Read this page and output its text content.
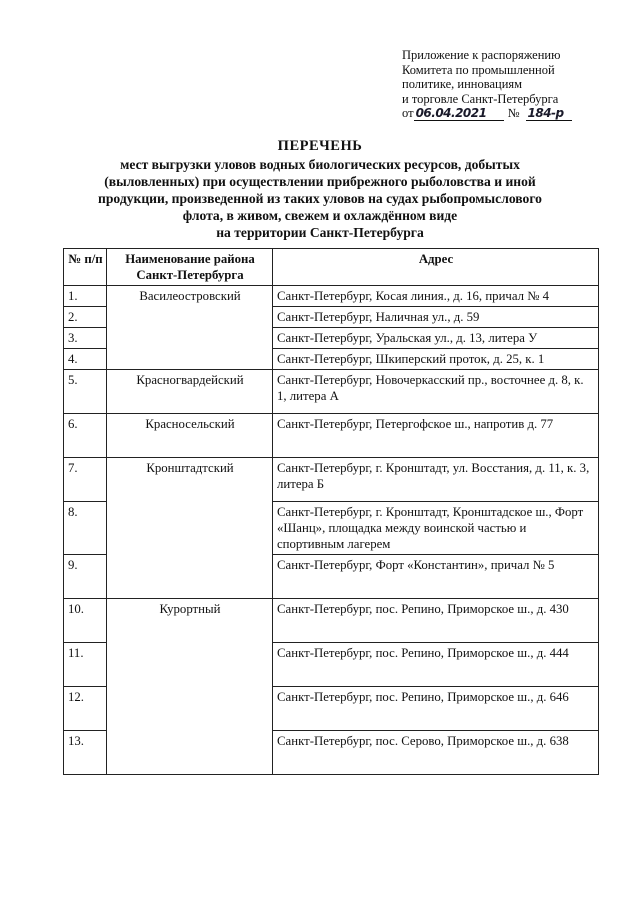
Приложение к распоряжению
Комитета по промышленной
политике, инновациям
и торговле Санкт-Петербурга
от 06.04.2021	№ 184-р
ПЕРЕЧЕНЬ
мест выгрузки уловов водных биологических ресурсов, добытых
(выловленных) при осуществлении прибрежного рыболовства и иной
продукции, произведенной из таких уловов на судах рыбопромыслового
флота, в живом, свежем и охлаждённом виде
на территории Санкт-Петербурга
№ п/п	Наименование района Санкт-Петербурга	Адрес
1.	Василеостровский	Санкт-Петербург, Косая линия., д. 16, причал № 4
2.		Санкт-Петербург, Наличная ул., д. 59
3.		Санкт-Петербург, Уральская ул., д. 13, литера У
4.		Санкт-Петербург, Шкиперский проток, д. 25, к. 1
5.	Красногвардейский	Санкт-Петербург, Новочеркасский пр., восточнее д. 8, к. 1, литера А
6.	Красносельский	Санкт-Петербург, Петергофское ш., напротив д. 77
7.	Кронштадтский	Санкт-Петербург, г. Кронштадт, ул. Восстания, д. 11, к. 3, литера Б
8.		Санкт-Петербург, г. Кронштадт, Кронштадское ш., Форт «Шанц», площадка между воинской частью и спортивным лагерем
9.		Санкт-Петербург, Форт «Константин», причал № 5
10.	Курортный	Санкт-Петербург, пос. Репино, Приморское ш., д. 430
11.		Санкт-Петербург, пос. Репино, Приморское ш., д. 444
12.		Санкт-Петербург, пос. Репино, Приморское ш., д. 646
13.		Санкт-Петербург, пос. Серово, Приморское ш., д. 638
